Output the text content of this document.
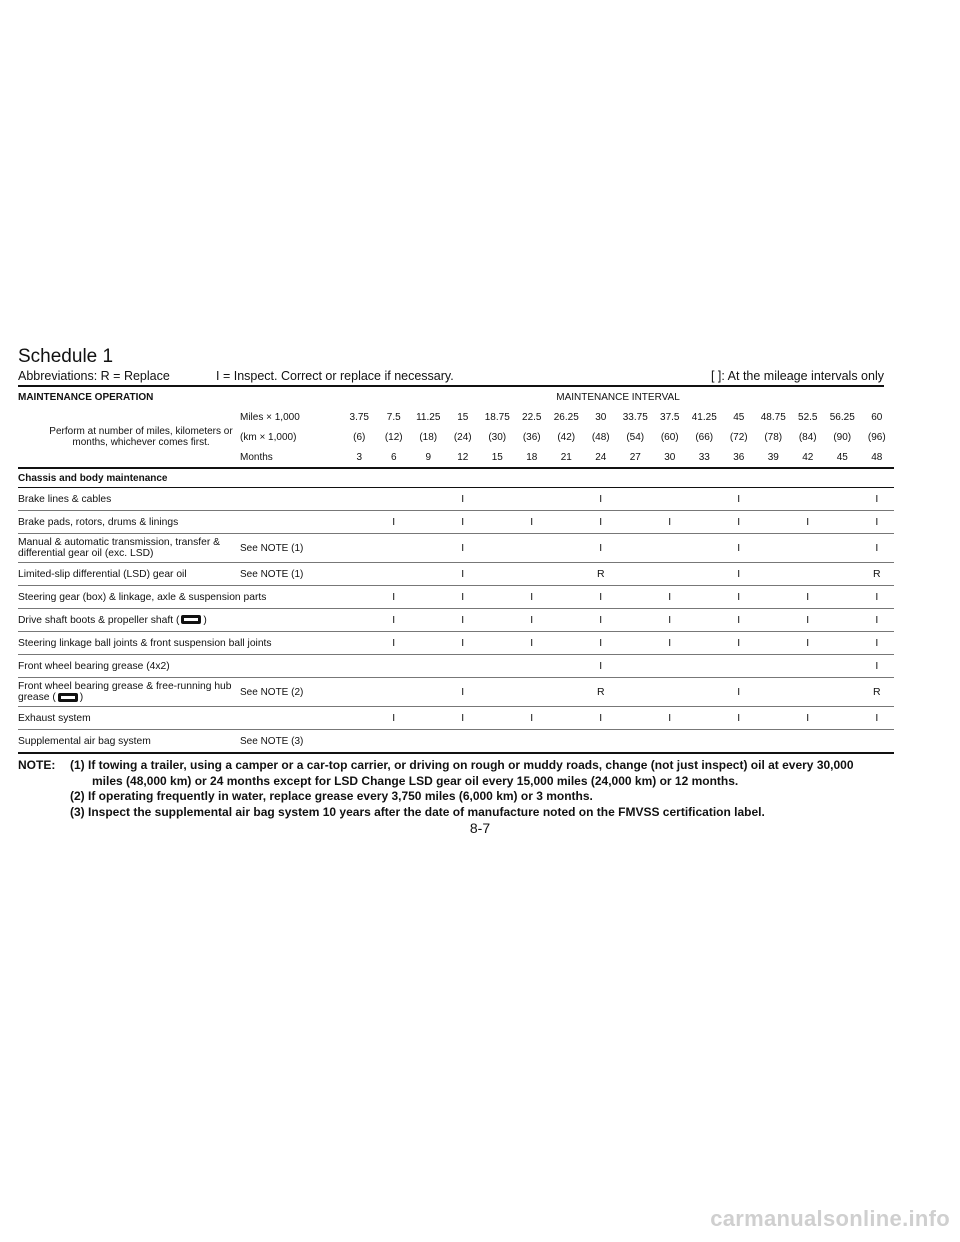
Schedule 1
Abbreviations: R = Replace	I = Inspect. Correct or replace if necessary.	[ ]: At the mileage intervals only
MAINTENANCE OPERATION		MAINTENANCE INTERVAL															
Perform at number of miles, kilometers or months, whichever comes first.	Miles × 1,000	3.75	7.5	11.25	15	18.75	22.5	26.25	30	33.75	37.5	41.25	45	48.75	52.5	56.25	60
	(km × 1,000)	(6)	(12)	(18)	(24)	(30)	(36)	(42)	(48)	(54)	(60)	(66)	(72)	(78)	(84)	(90)	(96)
	Months	3	6	9	12	15	18	21	24	27	30	33	36	39	42	45	48
Chassis and body maintenance																	
Brake lines & cables					I				I				I				I
Brake pads, rotors, drums & linings			I		I		I		I		I		I		I		I
Manual & automatic transmission, transfer & differential gear oil (exc. LSD)	See NOTE (1)				I				I				I				I
Limited-slip differential (LSD) gear oil	See NOTE (1)				I				R				I				R
Steering gear (box) & linkage, axle & suspension parts			I		I		I		I		I		I		I		I
Drive shaft boots & propeller shaft ( )			I		I		I		I		I		I		I		I
Steering linkage ball joints & front suspension ball joints			I		I		I		I		I		I		I		I
Front wheel bearing grease (4x2)									I								I
Front wheel bearing grease & free-running hub grease ( )	See NOTE (2)				I				R				I				R
Exhaust system			I		I		I		I		I		I		I		I
Supplemental air bag system	See NOTE (3)																
NOTE: (1) If towing a trailer, using a camper or a car-top carrier, or driving on rough or muddy roads, change (not just inspect) oil at every 30,000
miles (48,000 km) or 24 months except for LSD Change LSD gear oil every 15,000 miles (24,000 km) or 12 months.
(2) If operating frequently in water, replace grease every 3,750 miles (6,000 km) or 3 months.
(3) Inspect the supplemental air bag system 10 years after the date of manufacture noted on the FMVSS certification label.
8-7
carmanualsonline.info
